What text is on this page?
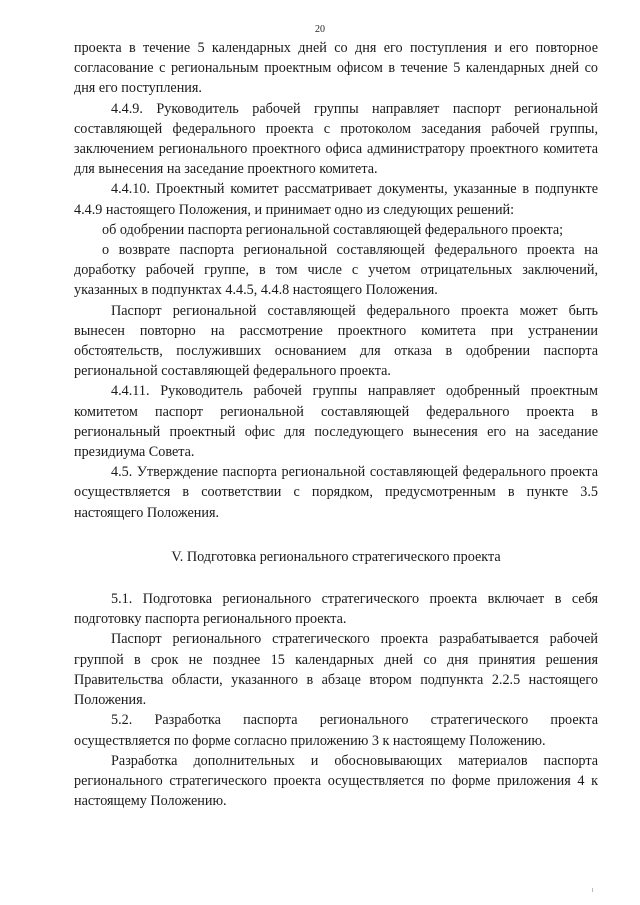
20

проекта в течение 5 календарных дней со дня его поступления и его повторное согласование с региональным проектным офисом в течение 5 календарных дней со дня его поступления.

4.4.9. Руководитель рабочей группы направляет паспорт региональной составляющей федерального проекта с протоколом заседания рабочей группы, заключением регионального проектного офиса администратору проектного комитета для вынесения на заседание проектного комитета.

4.4.10. Проектный комитет рассматривает документы, указанные в подпункте 4.4.9 настоящего Положения, и принимает одно из следующих решений:

об одобрении паспорта региональной составляющей федерального проекта;

о возврате паспорта региональной составляющей федерального проекта на доработку рабочей группе, в том числе с учетом отрицательных заключений, указанных в подпунктах 4.4.5, 4.4.8 настоящего Положения.

Паспорт региональной составляющей федерального проекта может быть вынесен повторно на рассмотрение проектного комитета при устранении обстоятельств, послуживших основанием для отказа в одобрении паспорта региональной составляющей федерального проекта.

4.4.11. Руководитель рабочей группы направляет одобренный проектным комитетом паспорт региональной составляющей федерального проекта в региональный проектный офис для последующего вынесения его на заседание президиума Совета.

4.5. Утверждение паспорта региональной составляющей федерального проекта осуществляется в соответствии с порядком, предусмотренным в пункте 3.5 настоящего Положения.

V. Подготовка регионального стратегического проекта

5.1. Подготовка регионального стратегического проекта включает в себя подготовку паспорта регионального проекта.

Паспорт регионального стратегического проекта разрабатывается рабочей группой в срок не позднее 15 календарных дней со дня принятия решения Правительства области, указанного в абзаце втором подпункта 2.2.5 настоящего Положения.

5.2. Разработка паспорта регионального стратегического проекта осуществляется по форме согласно приложению 3 к настоящему Положению.

Разработка дополнительных и обосновывающих материалов паспорта регионального стратегического проекта осуществляется по форме приложения 4 к настоящему Положению.
